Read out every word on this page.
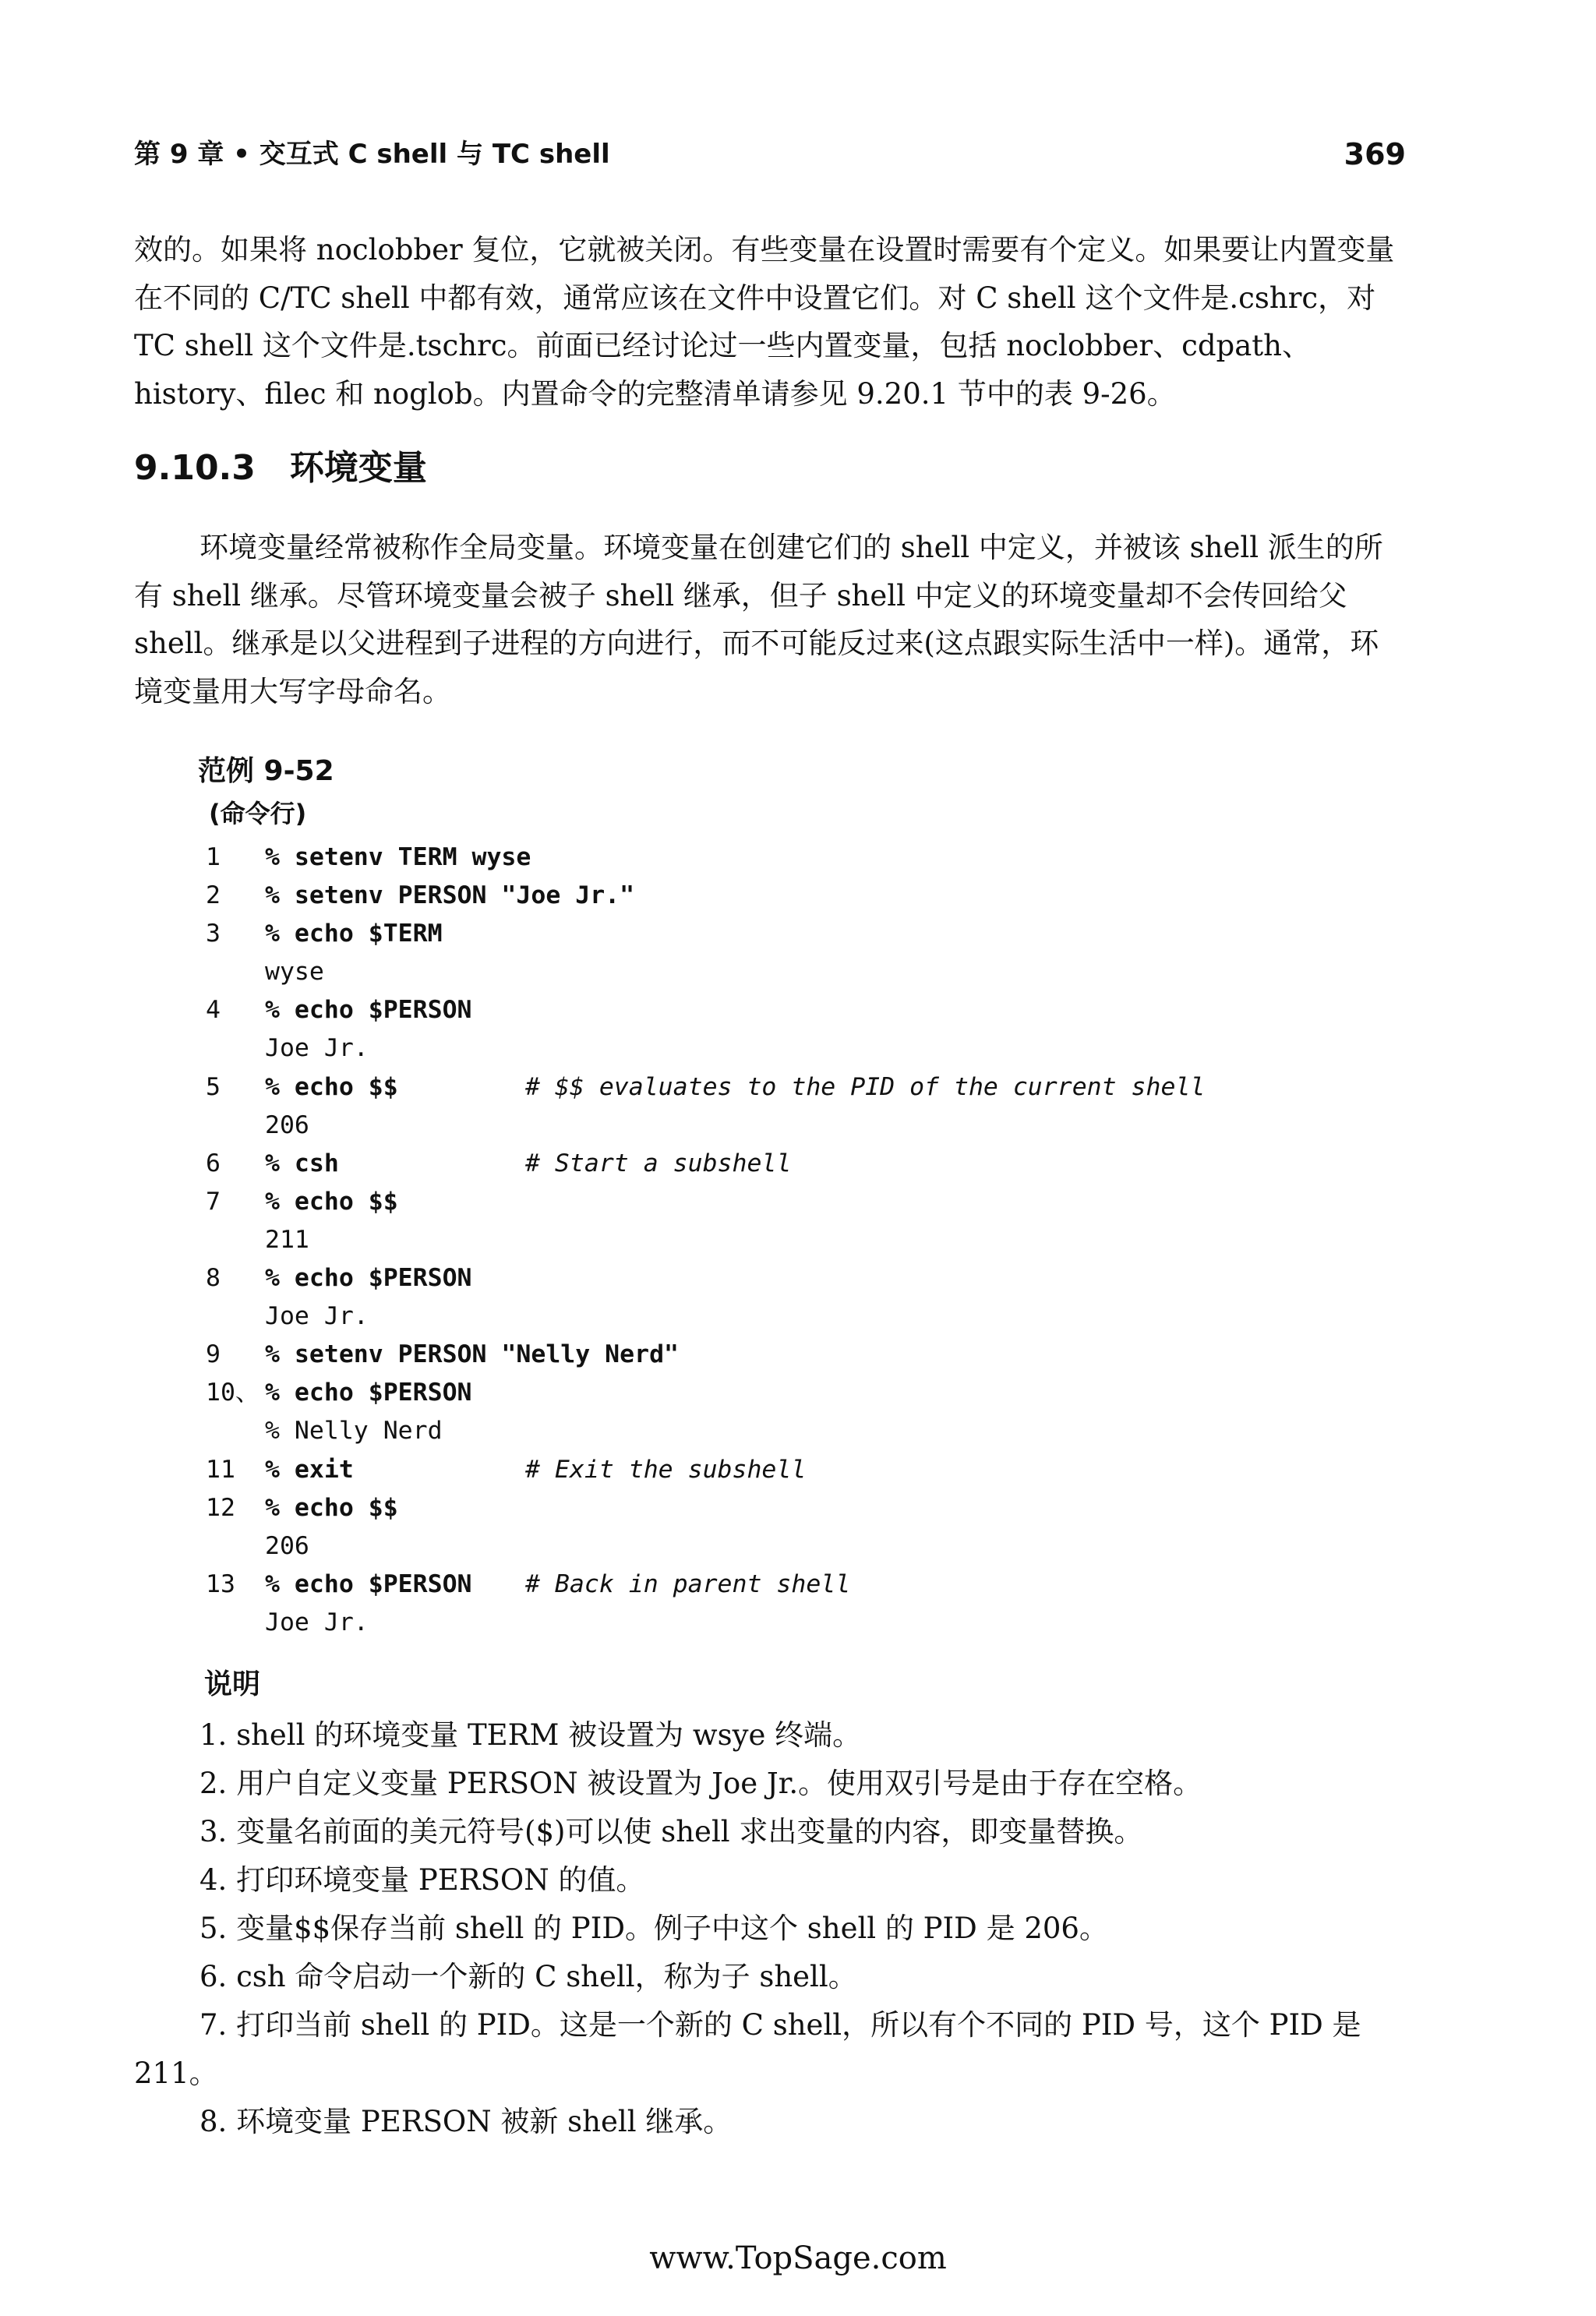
第 9 章 • 交互式 C shell 与 TC shell	369

效的。如果将 noclobber 复位，它就被关闭。有些变量在设置时需要有个定义。如果要让内置变量在不同的 C/TC shell 中都有效，通常应该在文件中设置它们。对 C shell 这个文件是.cshrc，对 TC shell 这个文件是.tschrc。前面已经讨论过一些内置变量，包括 noclobber、cdpath、history、filec 和 noglob。内置命令的完整清单请参见 9.20.1 节中的表 9-26。

9.10.3 环境变量

环境变量经常被称作全局变量。环境变量在创建它们的 shell 中定义，并被该 shell 派生的所有 shell 继承。尽管环境变量会被子 shell 继承，但子 shell 中定义的环境变量却不会传回给父 shell。继承是以父进程到子进程的方向进行，而不可能反过来(这点跟实际生活中一样)。通常，环境变量用大写字母命名。

范例 9-52
(命令行)
1	% setenv TERM wyse
2	% setenv PERSON "Joe Jr."
3	% echo $TERM
wyse
4	% echo $PERSON
Joe Jr.
5	% echo $$	# $$ evaluates to the PID of the current shell
206
6	% csh	# Start a subshell
7	% echo $$
211
8	% echo $PERSON
Joe Jr.
9	% setenv PERSON "Nelly Nerd"
10、 % echo $PERSON
% Nelly Nerd
11	% exit	# Exit the subshell
12	% echo $$
206
13	% echo $PERSON # Back in parent shell
Joe Jr.
说明
1. shell 的环境变量 TERM 被设置为 wsye 终端。
2. 用户自定义变量 PERSON 被设置为 Joe Jr.。使用双引号是由于存在空格。
3. 变量名前面的美元符号($)可以使 shell 求出变量的内容，即变量替换。
4. 打印环境变量 PERSON 的值。
5. 变量$$保存当前 shell 的 PID。例子中这个 shell 的 PID 是 206。
6. csh 命令启动一个新的 C shell，称为子 shell。
7. 打印当前 shell 的 PID。这是一个新的 C shell，所以有个不同的 PID 号，这个 PID 是 211。
8. 环境变量 PERSON 被新 shell 继承。
www.TopSage.com
